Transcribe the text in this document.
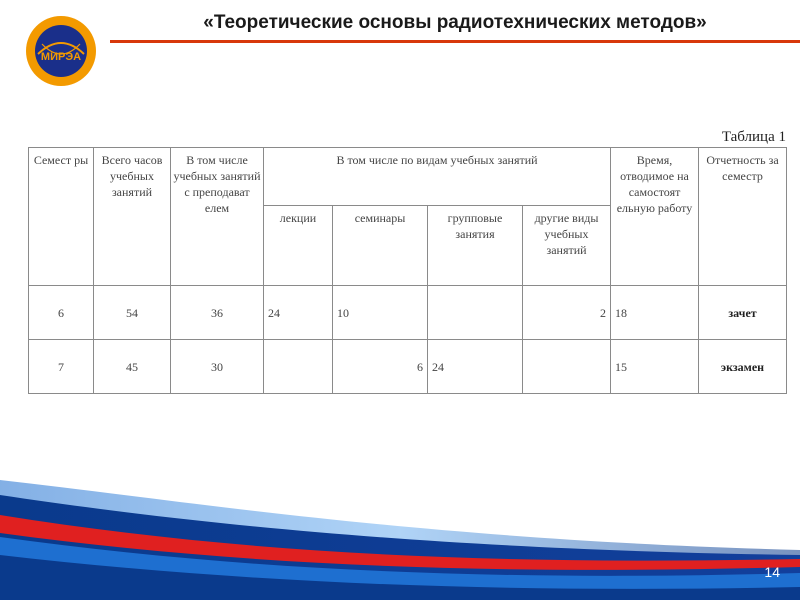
МИРЭА
«Теоретические основы радиотехнических методов»
Таблица 1
Семест ры	Всего часов учебных занятий	В том числе учебных занятий с преподават елем	В том числе по видам учебных занятий				Время, отводимое на самостоят ельную работу	Отчетность за семестр
			лекции	семинары	групповые занятия	другие виды учебных занятий		
6	54	36	24	10		2	18	зачет
7	45	30		6	24		15	экзамен
14
